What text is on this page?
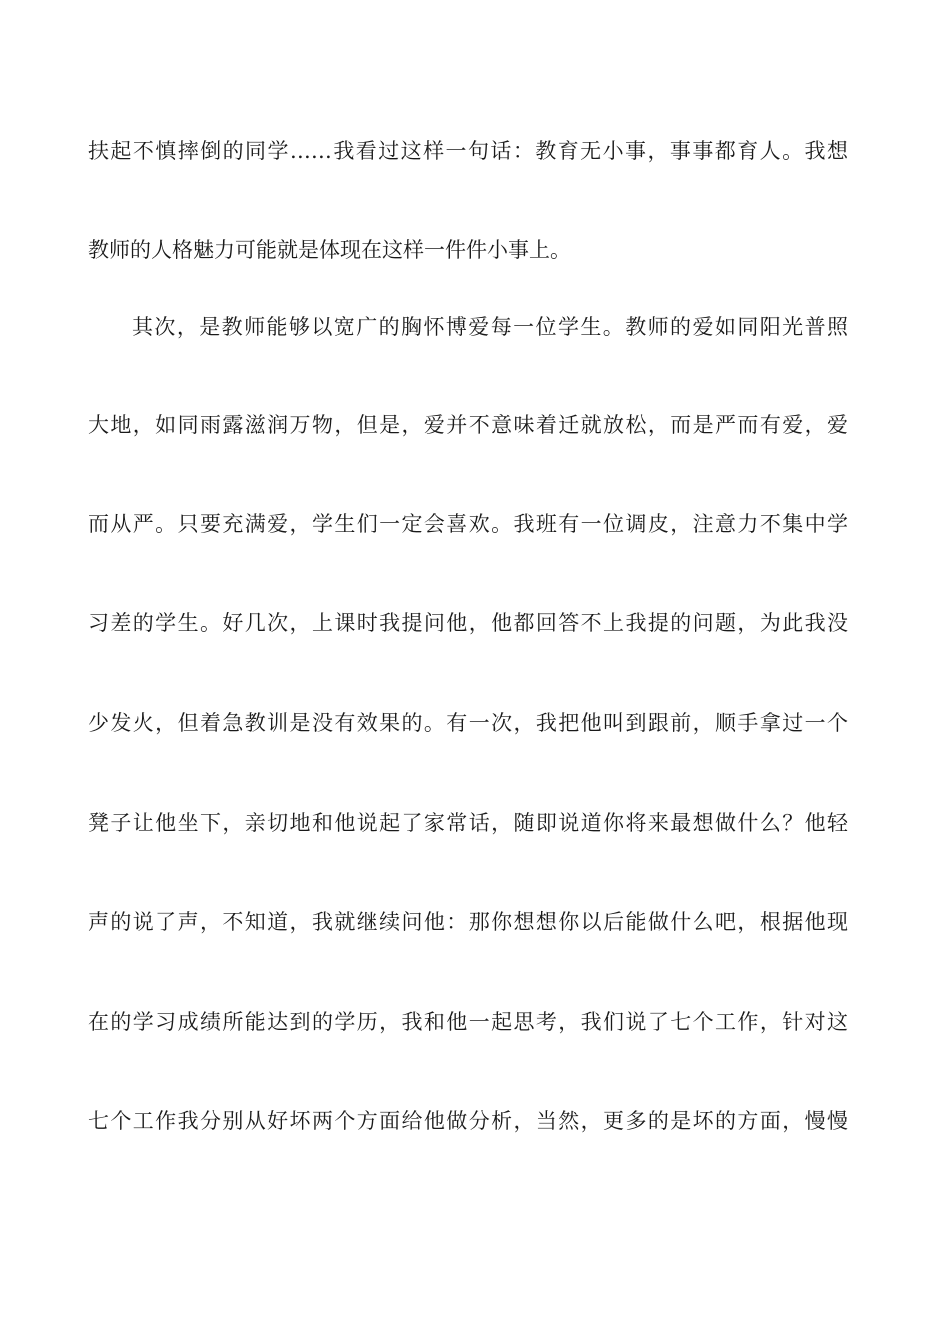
扶起不慎摔倒的同学……我看过这样一句话：教育无小事，事事都育人。我想
教师的人格魅力可能就是体现在这样一件件小事上。
其次，是教师能够以宽广的胸怀博爱每一位学生。教师的爱如同阳光普照
大地，如同雨露滋润万物，但是，爱并不意味着迁就放松，而是严而有爱，爱
而从严。只要充满爱，学生们一定会喜欢。我班有一位调皮，注意力不集中学
习差的学生。好几次，上课时我提问他，他都回答不上我提的问题，为此我没
少发火，但着急教训是没有效果的。有一次，我把他叫到跟前，顺手拿过一个
凳子让他坐下，亲切地和他说起了家常话，随即说道你将来最想做什么？他轻
声的说了声，不知道，我就继续问他：那你想想你以后能做什么吧，根据他现
在的学习成绩所能达到的学历，我和他一起思考，我们说了七个工作，针对这
七个工作我分别从好坏两个方面给他做分析，当然，更多的是坏的方面，慢慢
